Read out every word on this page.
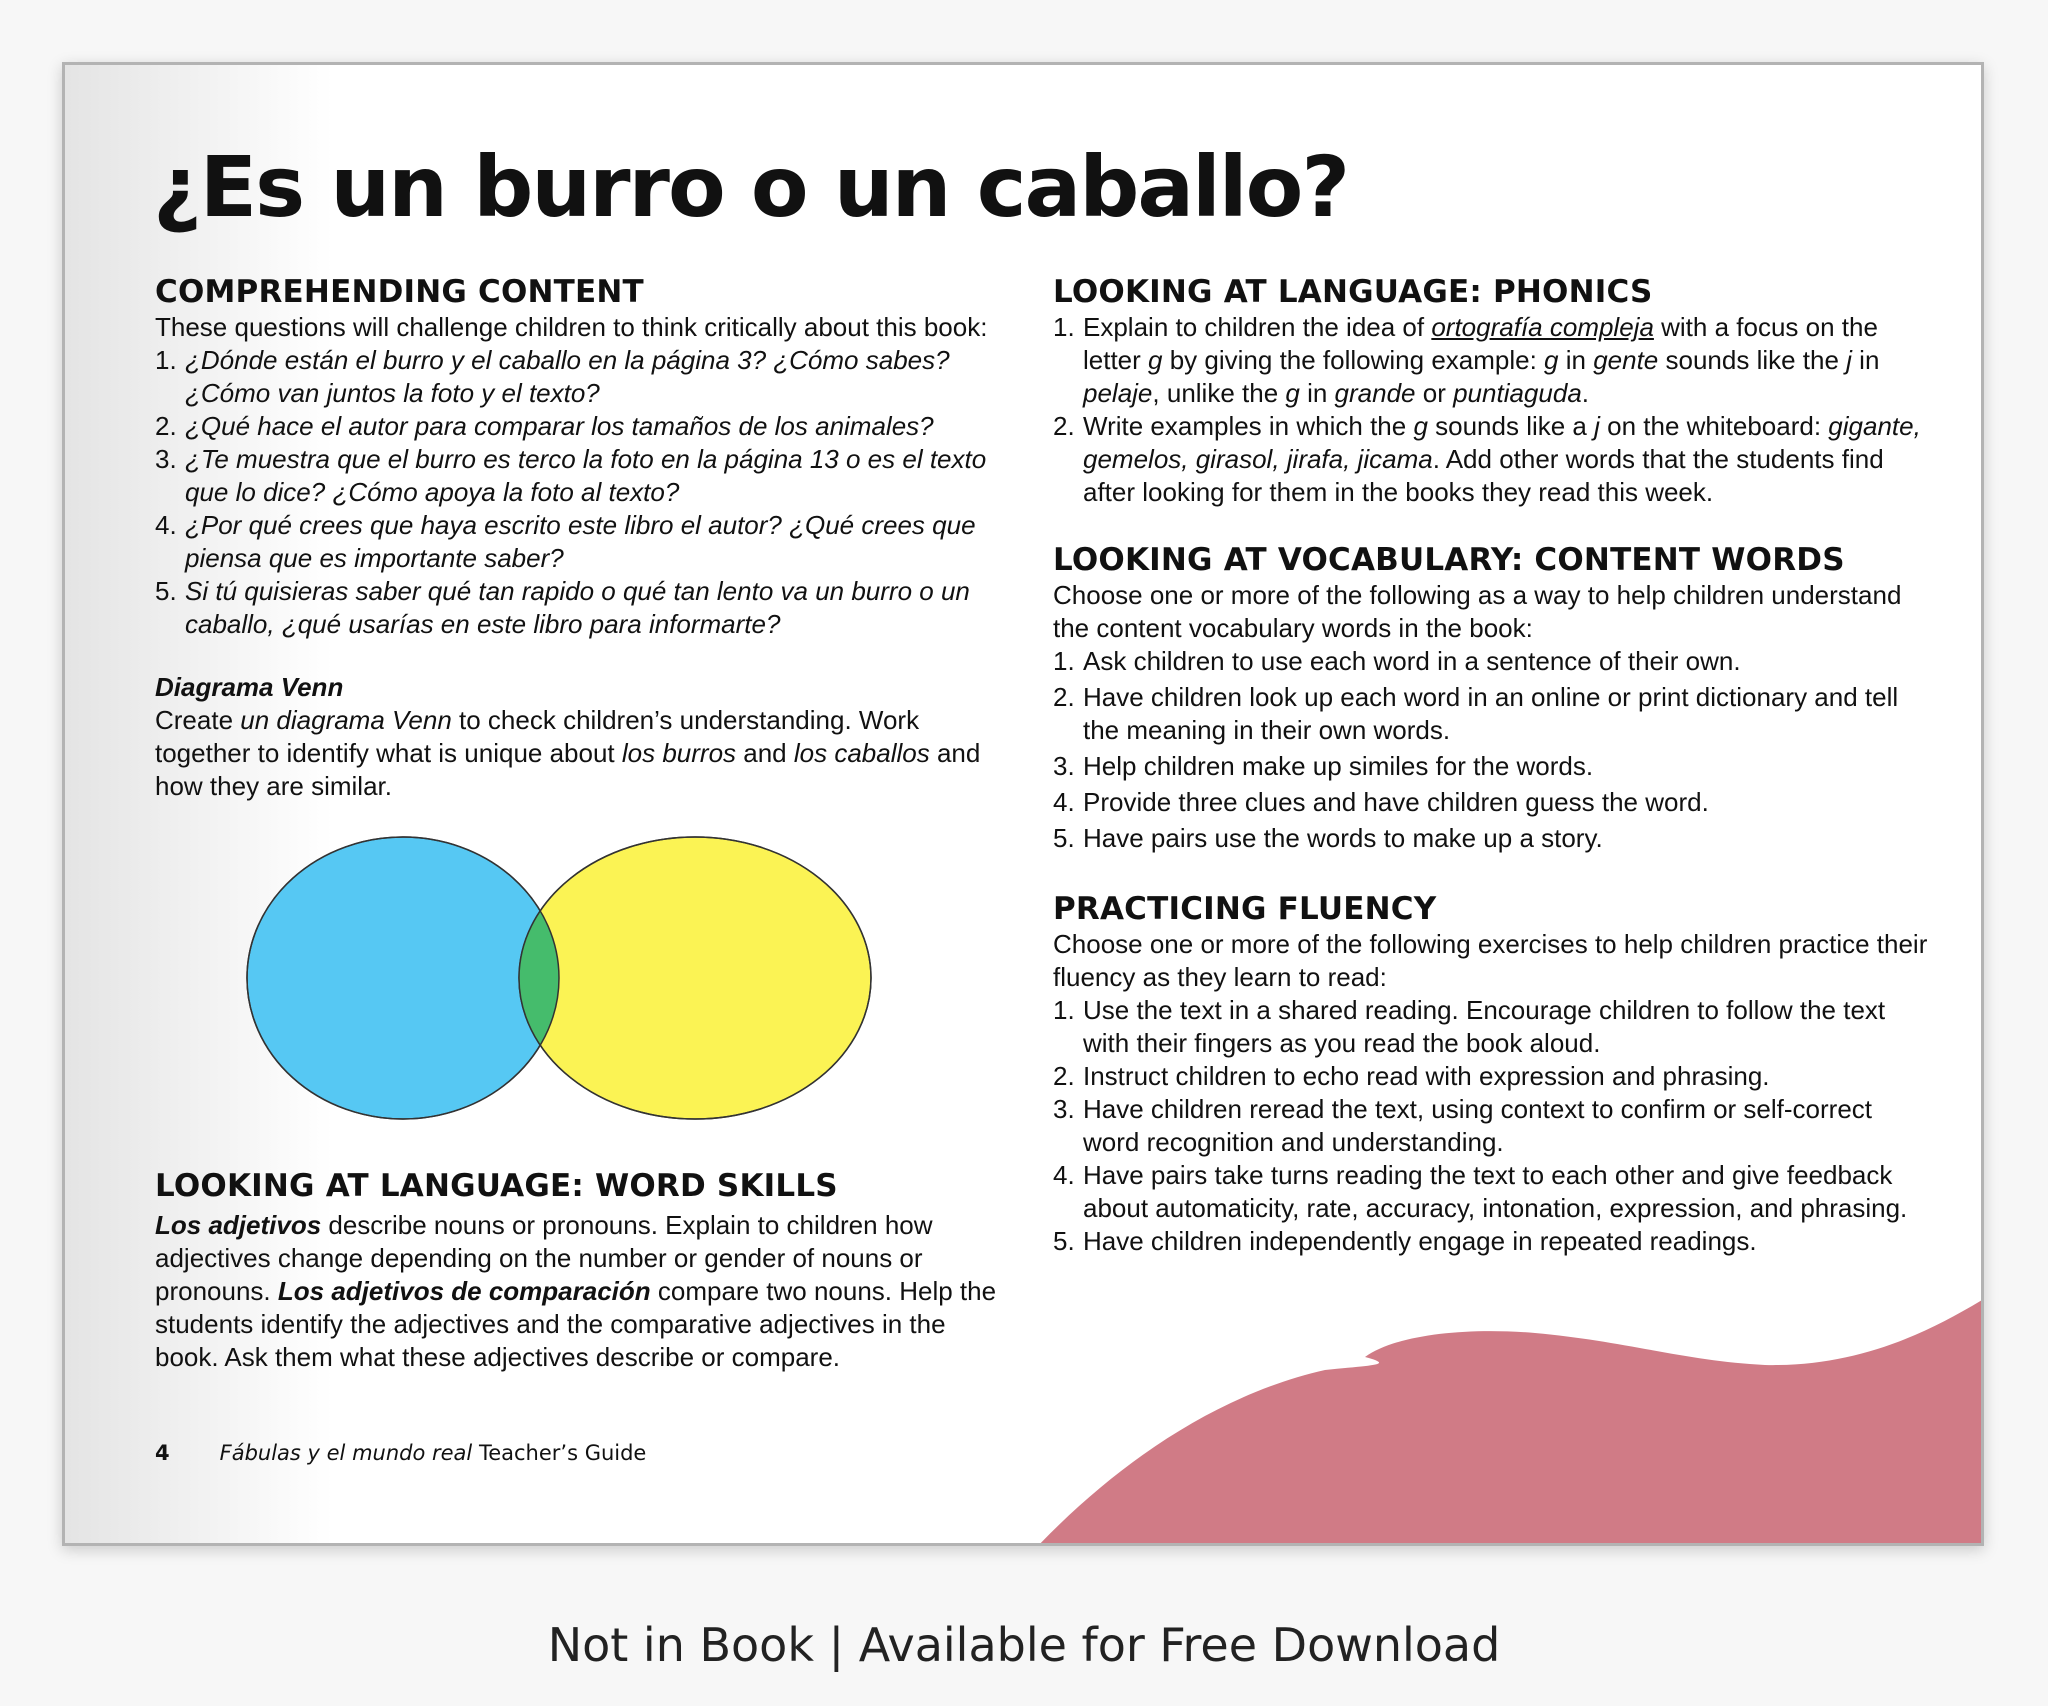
¿Es un burro o un caballo?
COMPREHENDING CONTENT

These questions will challenge children to think critically about this book:

1. ¿Dónde están el burro y el caballo en la página 3? ¿Cómo sabes? ¿Cómo van juntos la foto y el texto?
2. ¿Qué hace el autor para comparar los tamaños de los animales?
3. ¿Te muestra que el burro es terco la foto en la página 13 o es el texto que lo dice? ¿Cómo apoya la foto al texto?
4. ¿Por qué crees que haya escrito este libro el autor? ¿Qué crees que piensa que es importante saber?
5. Si tú quisieras saber qué tan rapido o qué tan lento va un burro o un caballo, ¿qué usarías en este libro para informarte?
Diagrama Venn

Create un diagrama Venn to check children’s understanding. Work together to identify what is unique about los burros and los caballos and how they are similar.

LOOKING AT LANGUAGE: WORD SKILLS

Los adjetivos describe nouns or pronouns. Explain to children how adjectives change depending on the number or gender of nouns or pronouns. Los adjetivos de comparación compare two nouns. Help the students identify the adjectives and the comparative adjectives in the book. Ask them what these adjectives describe or compare.

LOOKING AT LANGUAGE: PHONICS
1. Explain to children the idea of ortografía compleja with a focus on the letter g by giving the following example: g in gente sounds like the j in pelaje, unlike the g in grande or puntiaguda.
2. Write examples in which the g sounds like a j on the whiteboard: gigante, gemelos, girasol, jirafa, jicama. Add other words that the students find after looking for them in the books they read this week.
LOOKING AT VOCABULARY: CONTENT WORDS

Choose one or more of the following as a way to help children understand the content vocabulary words in the book:

1. Ask children to use each word in a sentence of their own.
2. Have children look up each word in an online or print dictionary and tell the meaning in their own words.
3. Help children make up similes for the words.
4. Provide three clues and have children guess the word.
5. Have pairs use the words to make up a story.
PRACTICING FLUENCY

Choose one or more of the following exercises to help children practice their fluency as they learn to read:

1. Use the text in a shared reading. Encourage children to follow the text with their fingers as you read the book aloud.
2. Instruct children to echo read with expression and phrasing.
3. Have children reread the text, using context to confirm or self-correct word recognition and understanding.
4. Have pairs take turns reading the text to each other and give feedback about automaticity, rate, accuracy, intonation, expression, and phrasing.
5. Have children independently engage in repeated readings.
4 Fábulas y el mundo real Teacher’s Guide
Not in Book | Available for Free Download
